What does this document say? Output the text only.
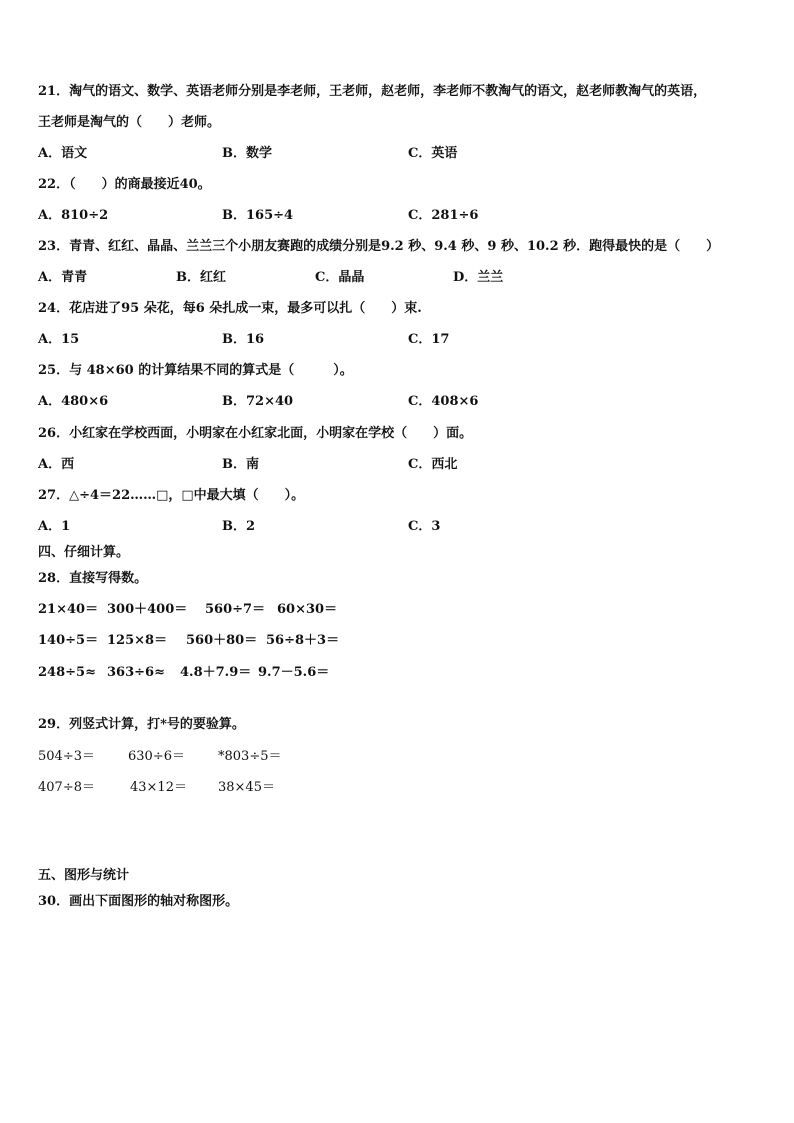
21．淘气的语文、数学、英语老师分别是李老师，王老师，赵老师，李老师不教淘气的语文，赵老师教淘气的英语，
王老师是淘气的（　　）老师。
A．语文	B．数学	C．英语
22．（　　）的商最接近40。
A．810÷2	B．165÷4	C．281÷6
23．青青、红红、晶晶、兰兰三个小朋友赛跑的成绩分别是9.2 秒、9.4 秒、9 秒、10.2 秒．跑得最快的是（　　）
A．青青	B．红红	C．晶晶	D．兰兰
24．花店进了95 朵花，每6 朵扎成一束，最多可以扎（　　）束.
A．15	B．16	C．17
25．与 48×60 的计算结果不同的算式是（　　　）。
A．480×6	B．72×40	C．408×6
26．小红家在学校西面，小明家在小红家北面，小明家在学校（　　）面。
A．西	B．南	C．西北
27．△÷4＝22……□，□中最大填（　　）。
A．1	B．2	C．3
四、仔细计算。
28．直接写得数。
21×40＝ 300＋400＝ 560÷7＝ 60×30＝
140÷5＝ 125×8＝ 560＋80＝ 56÷8＋3＝
248÷5≈ 363÷6≈ 4.8＋7.9＝ 9.7－5.6＝
29．列竖式计算，打*号的要验算。
504÷3＝	630÷6＝	*803÷5＝
407÷8＝	43×12＝ 38×45＝
五、图形与统计
30．画出下面图形的轴对称图形。
